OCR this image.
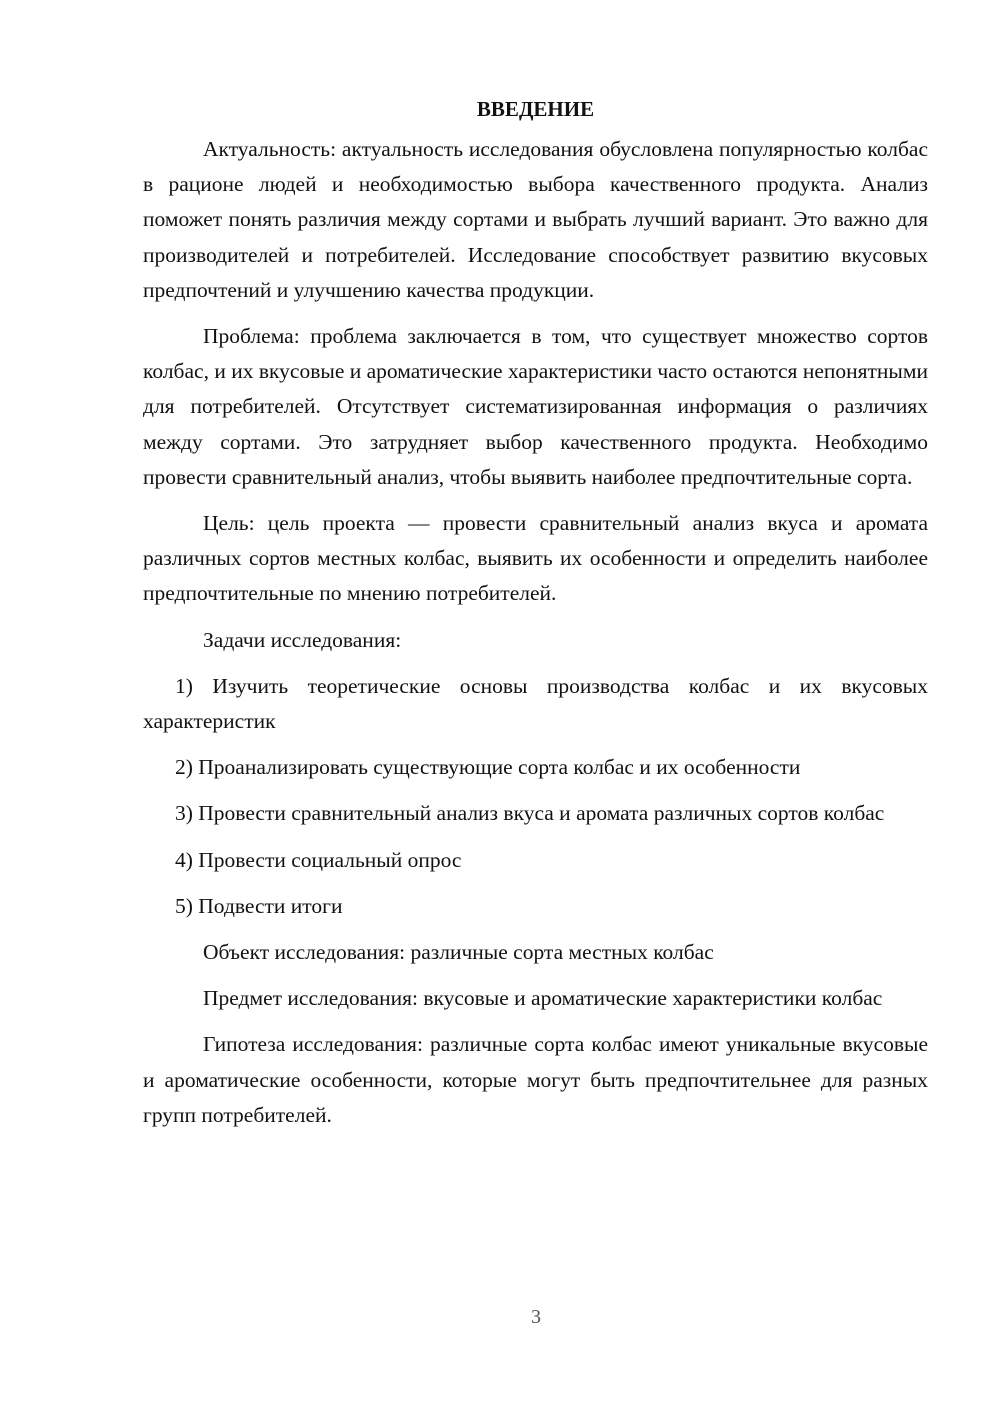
ВВЕДЕНИЕ

Актуальность: актуальность исследования обусловлена популярностью колбас в рационе людей и необходимостью выбора качественного продукта. Анализ поможет понять различия между сортами и выбрать лучший вариант. Это важно для производителей и потребителей. Исследование способствует развитию вкусовых предпочтений и улучшению качества продукции.

Проблема: проблема заключается в том, что существует множество сортов колбас, и их вкусовые и ароматические характеристики часто остаются непонятными для потребителей. Отсутствует систематизированная информация о различиях между сортами. Это затрудняет выбор качественного продукта. Необходимо провести сравнительный анализ, чтобы выявить наиболее предпочтительные сорта.

Цель: цель проекта — провести сравнительный анализ вкуса и аромата различных сортов местных колбас, выявить их особенности и определить наиболее предпочтительные по мнению потребителей.

Задачи исследования:

1) Изучить теоретические основы производства колбас и их вкусовых характеристик

2) Проанализировать существующие сорта колбас и их особенности

3) Провести сравнительный анализ вкуса и аромата различных сортов колбас

4) Провести социальный опрос

5) Подвести итоги

Объект исследования: различные сорта местных колбас

Предмет исследования: вкусовые и ароматические характеристики колбас

Гипотеза исследования: различные сорта колбас имеют уникальные вкусовые и ароматические особенности, которые могут быть предпочтительнее для разных групп потребителей.

3
